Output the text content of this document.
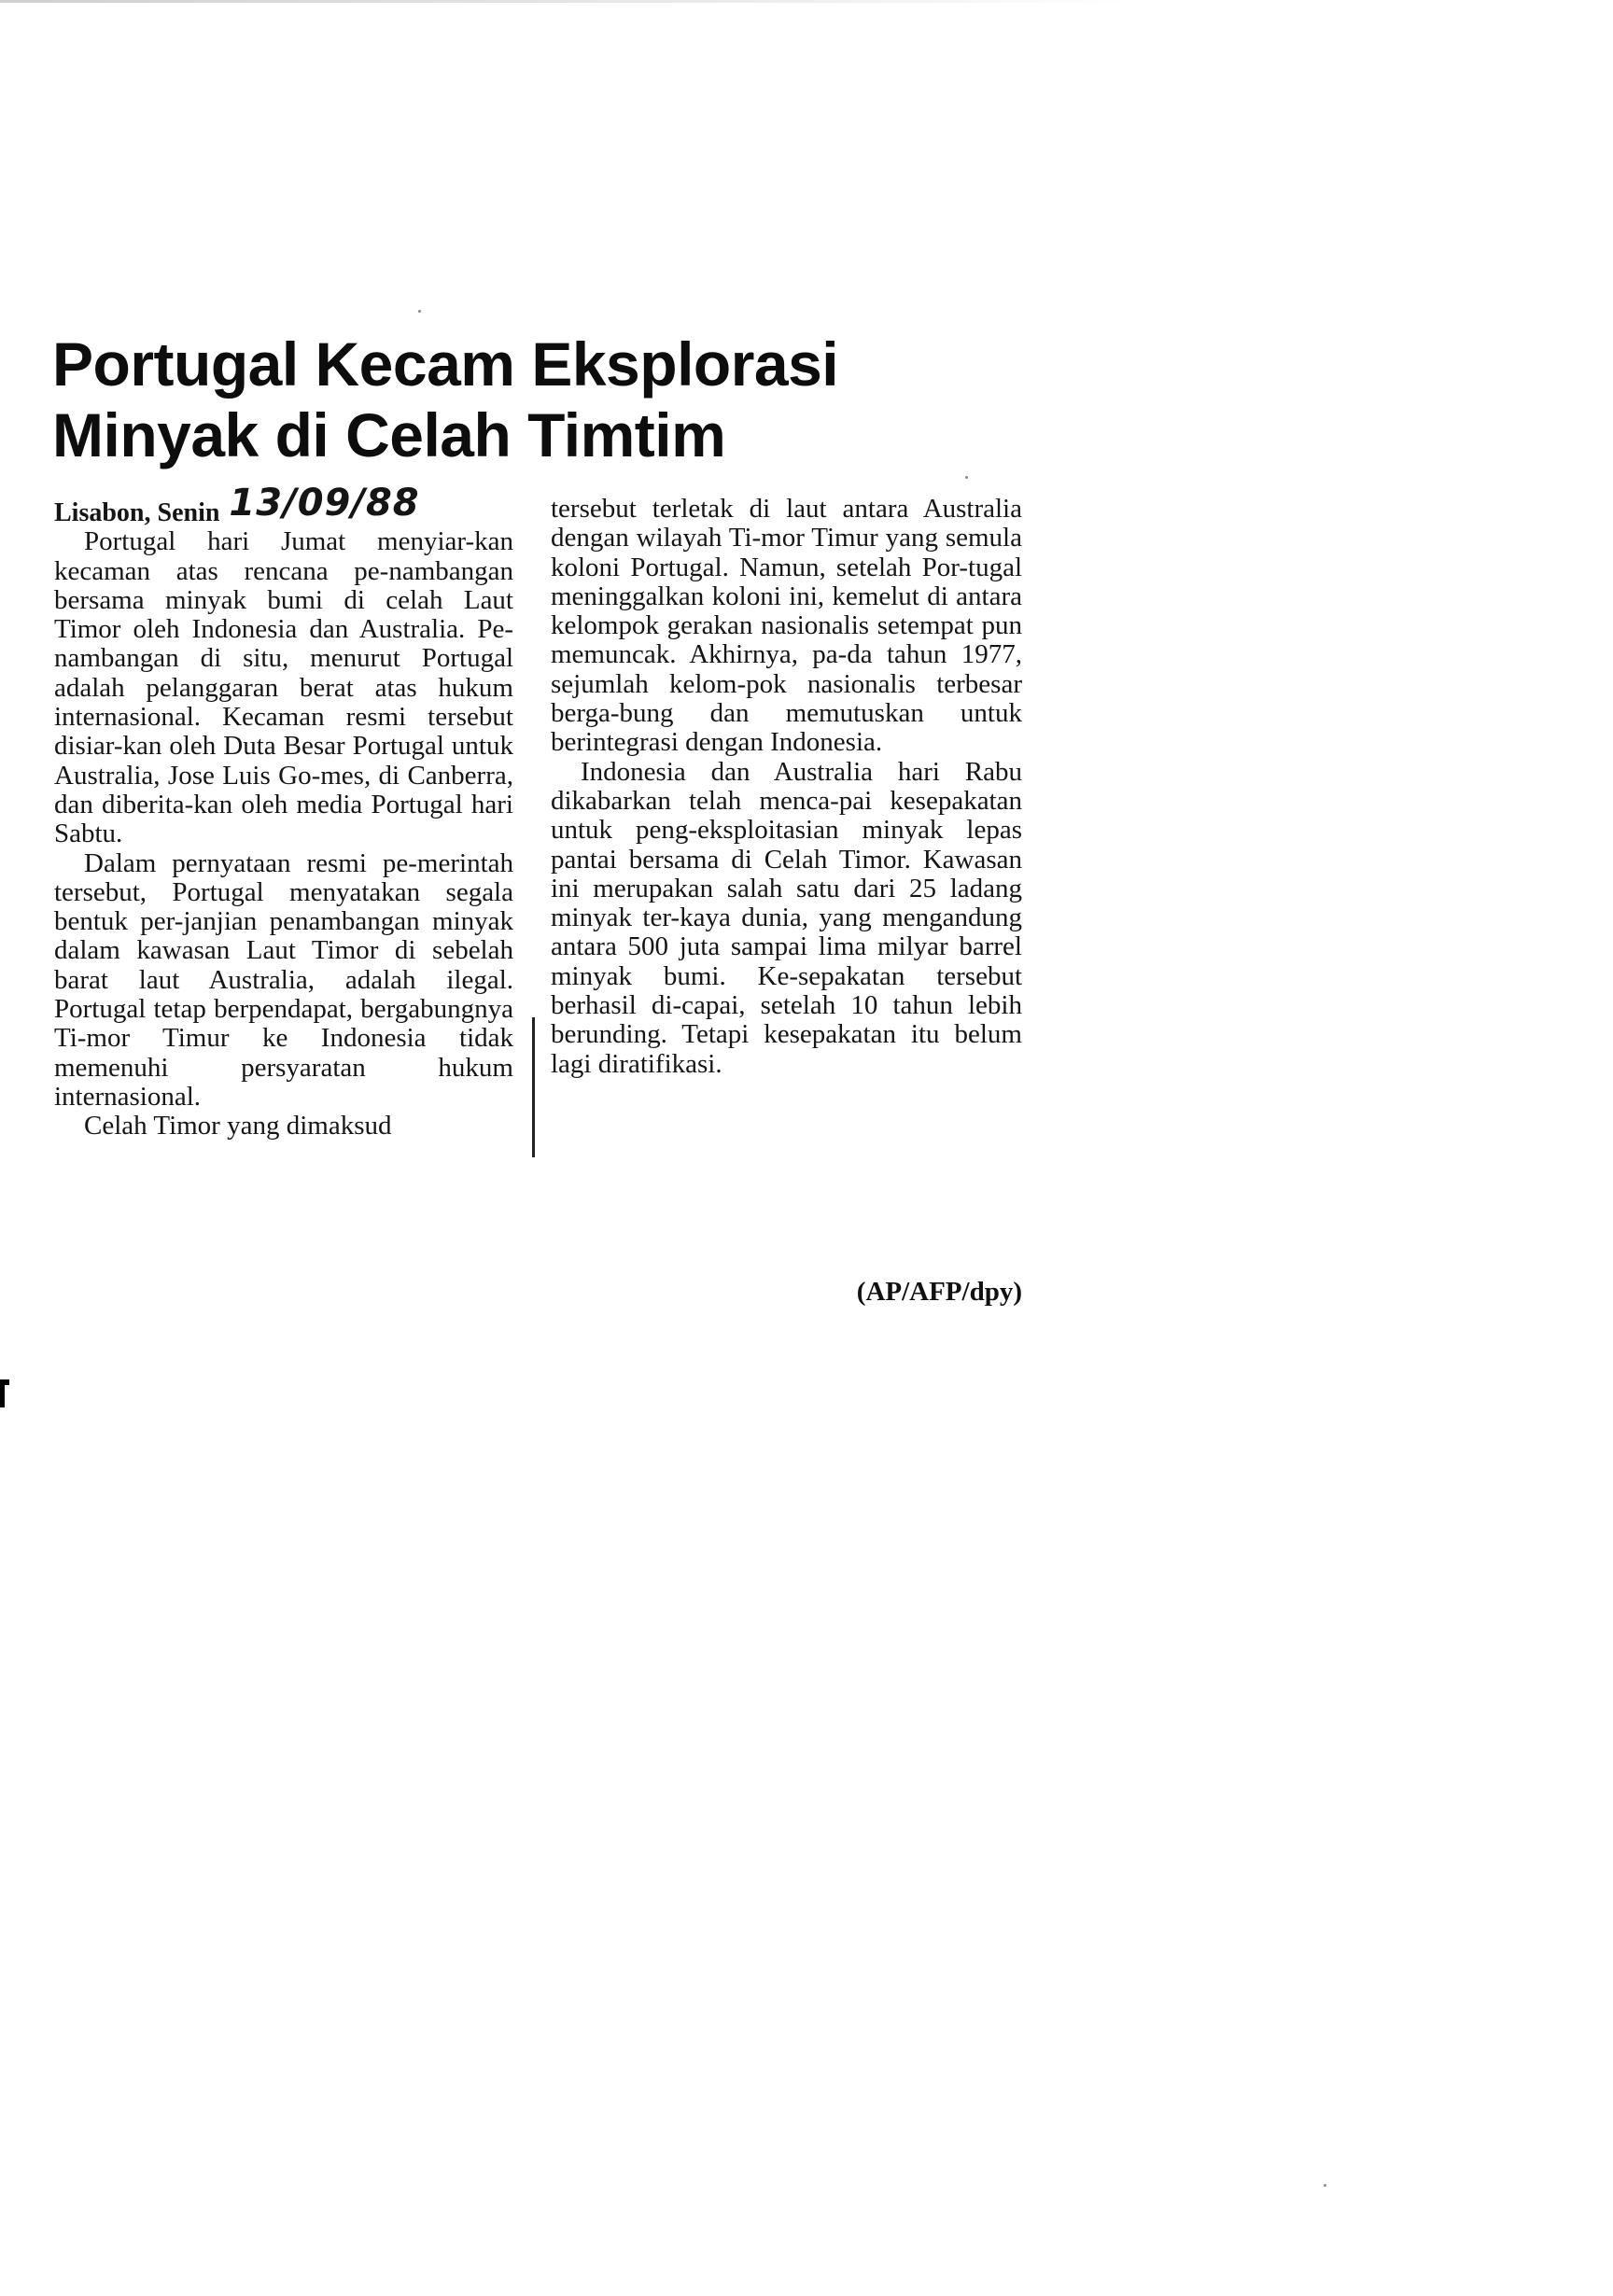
Portugal Kecam Eksplorasi
Minyak di Celah Timtim

Lisabon, Senin 13/09/88

Portugal hari Jumat menyiar-kan kecaman atas rencana pe-nambangan bersama minyak bumi di celah Laut Timor oleh Indonesia dan Australia. Pe-nambangan di situ, menurut Portugal adalah pelanggaran berat atas hukum internasional. Kecaman resmi tersebut disiar-kan oleh Duta Besar Portugal untuk Australia, Jose Luis Go-mes, di Canberra, dan diberita-kan oleh media Portugal hari Sabtu.

Dalam pernyataan resmi pe-merintah tersebut, Portugal menyatakan segala bentuk per-janjian penambangan minyak dalam kawasan Laut Timor di sebelah barat laut Australia, adalah ilegal. Portugal tetap berpendapat, bergabungnya Ti-mor Timur ke Indonesia tidak memenuhi persyaratan hukum internasional.

Celah Timor yang dimaksud

tersebut terletak di laut antara Australia dengan wilayah Ti-mor Timur yang semula koloni Portugal. Namun, setelah Por-tugal meninggalkan koloni ini, kemelut di antara kelompok gerakan nasionalis setempat pun memuncak. Akhirnya, pa-da tahun 1977, sejumlah kelom-pok nasionalis terbesar berga-bung dan memutuskan untuk berintegrasi dengan Indonesia.

Indonesia dan Australia hari Rabu dikabarkan telah menca-pai kesepakatan untuk peng-eksploitasian minyak lepas pantai bersama di Celah Timor. Kawasan ini merupakan salah satu dari 25 ladang minyak ter-kaya dunia, yang mengandung antara 500 juta sampai lima milyar barrel minyak bumi. Ke-sepakatan tersebut berhasil di-capai, setelah 10 tahun lebih berunding. Tetapi kesepakatan itu belum lagi diratifikasi.

(AP/AFP/dpy)
